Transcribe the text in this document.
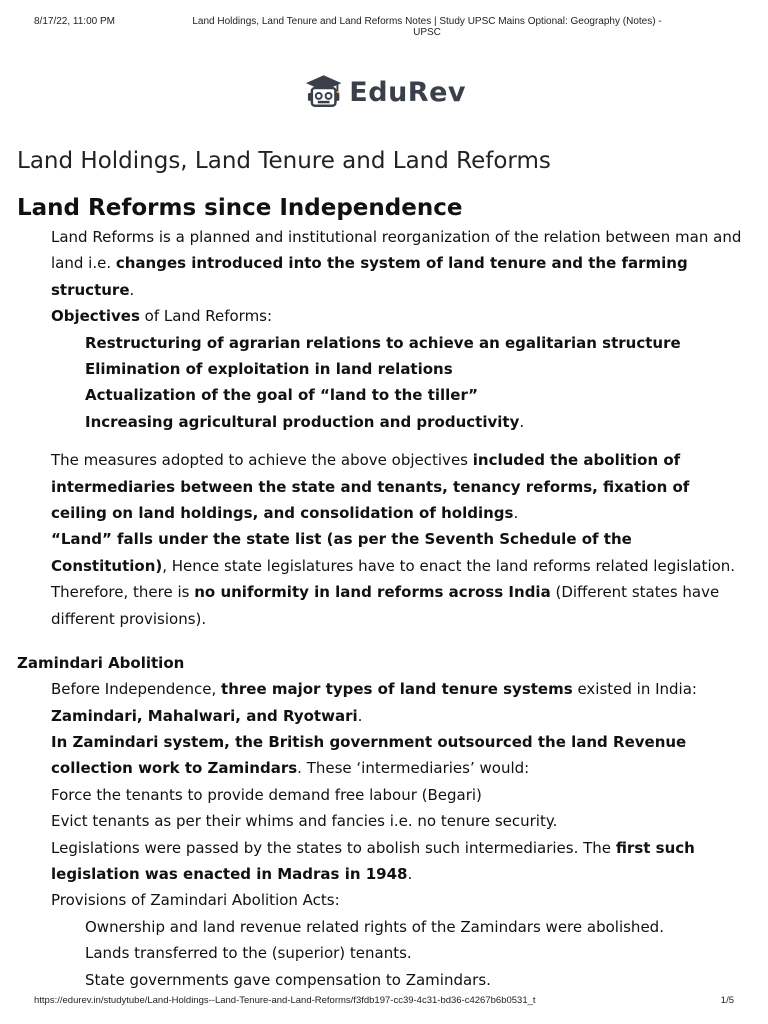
8/17/22, 11:00 PM	Land Holdings, Land Tenure and Land Reforms Notes | Study UPSC Mains Optional: Geography (Notes) - UPSC
EduRev
Land Holdings, Land Tenure and Land Reforms
Land Reforms since Independence

Land Reforms is a planned and institutional reorganization of the relation between man and land i.e. changes introduced into the system of land tenure and the farming structure.

Objectives of Land Reforms:

Restructuring of agrarian relations to achieve an egalitarian structure

Elimination of exploitation in land relations

Actualization of the goal of “land to the tiller”

Increasing agricultural production and productivity.

The measures adopted to achieve the above objectives included the abolition of intermediaries between the state and tenants, tenancy reforms, fixation of ceiling on land holdings, and consolidation of holdings.

“Land” falls under the state list (as per the Seventh Schedule of the Constitution), Hence state legislatures have to enact the land reforms related legislation. Therefore, there is no uniformity in land reforms across India (Different states have different provisions).

Zamindari Abolition

Before Independence, three major types of land tenure systems existed in India:

Zamindari, Mahalwari, and Ryotwari.

In Zamindari system, the British government outsourced the land Revenue collection work to Zamindars. These ‘intermediaries’ would:

Force the tenants to provide demand free labour (Begari)

Evict tenants as per their whims and fancies i.e. no tenure security.

Legislations were passed by the states to abolish such intermediaries. The first such legislation was enacted in Madras in 1948.

Provisions of Zamindari Abolition Acts:

Ownership and land revenue related rights of the Zamindars were abolished.

Lands transferred to the (superior) tenants.

State governments gave compensation to Zamindars.

https://edurev.in/studytube/Land-Holdings--Land-Tenure-and-Land-Reforms/f3fdb197-cc39-4c31-bd36-c4267b6b0531_t	1/5
